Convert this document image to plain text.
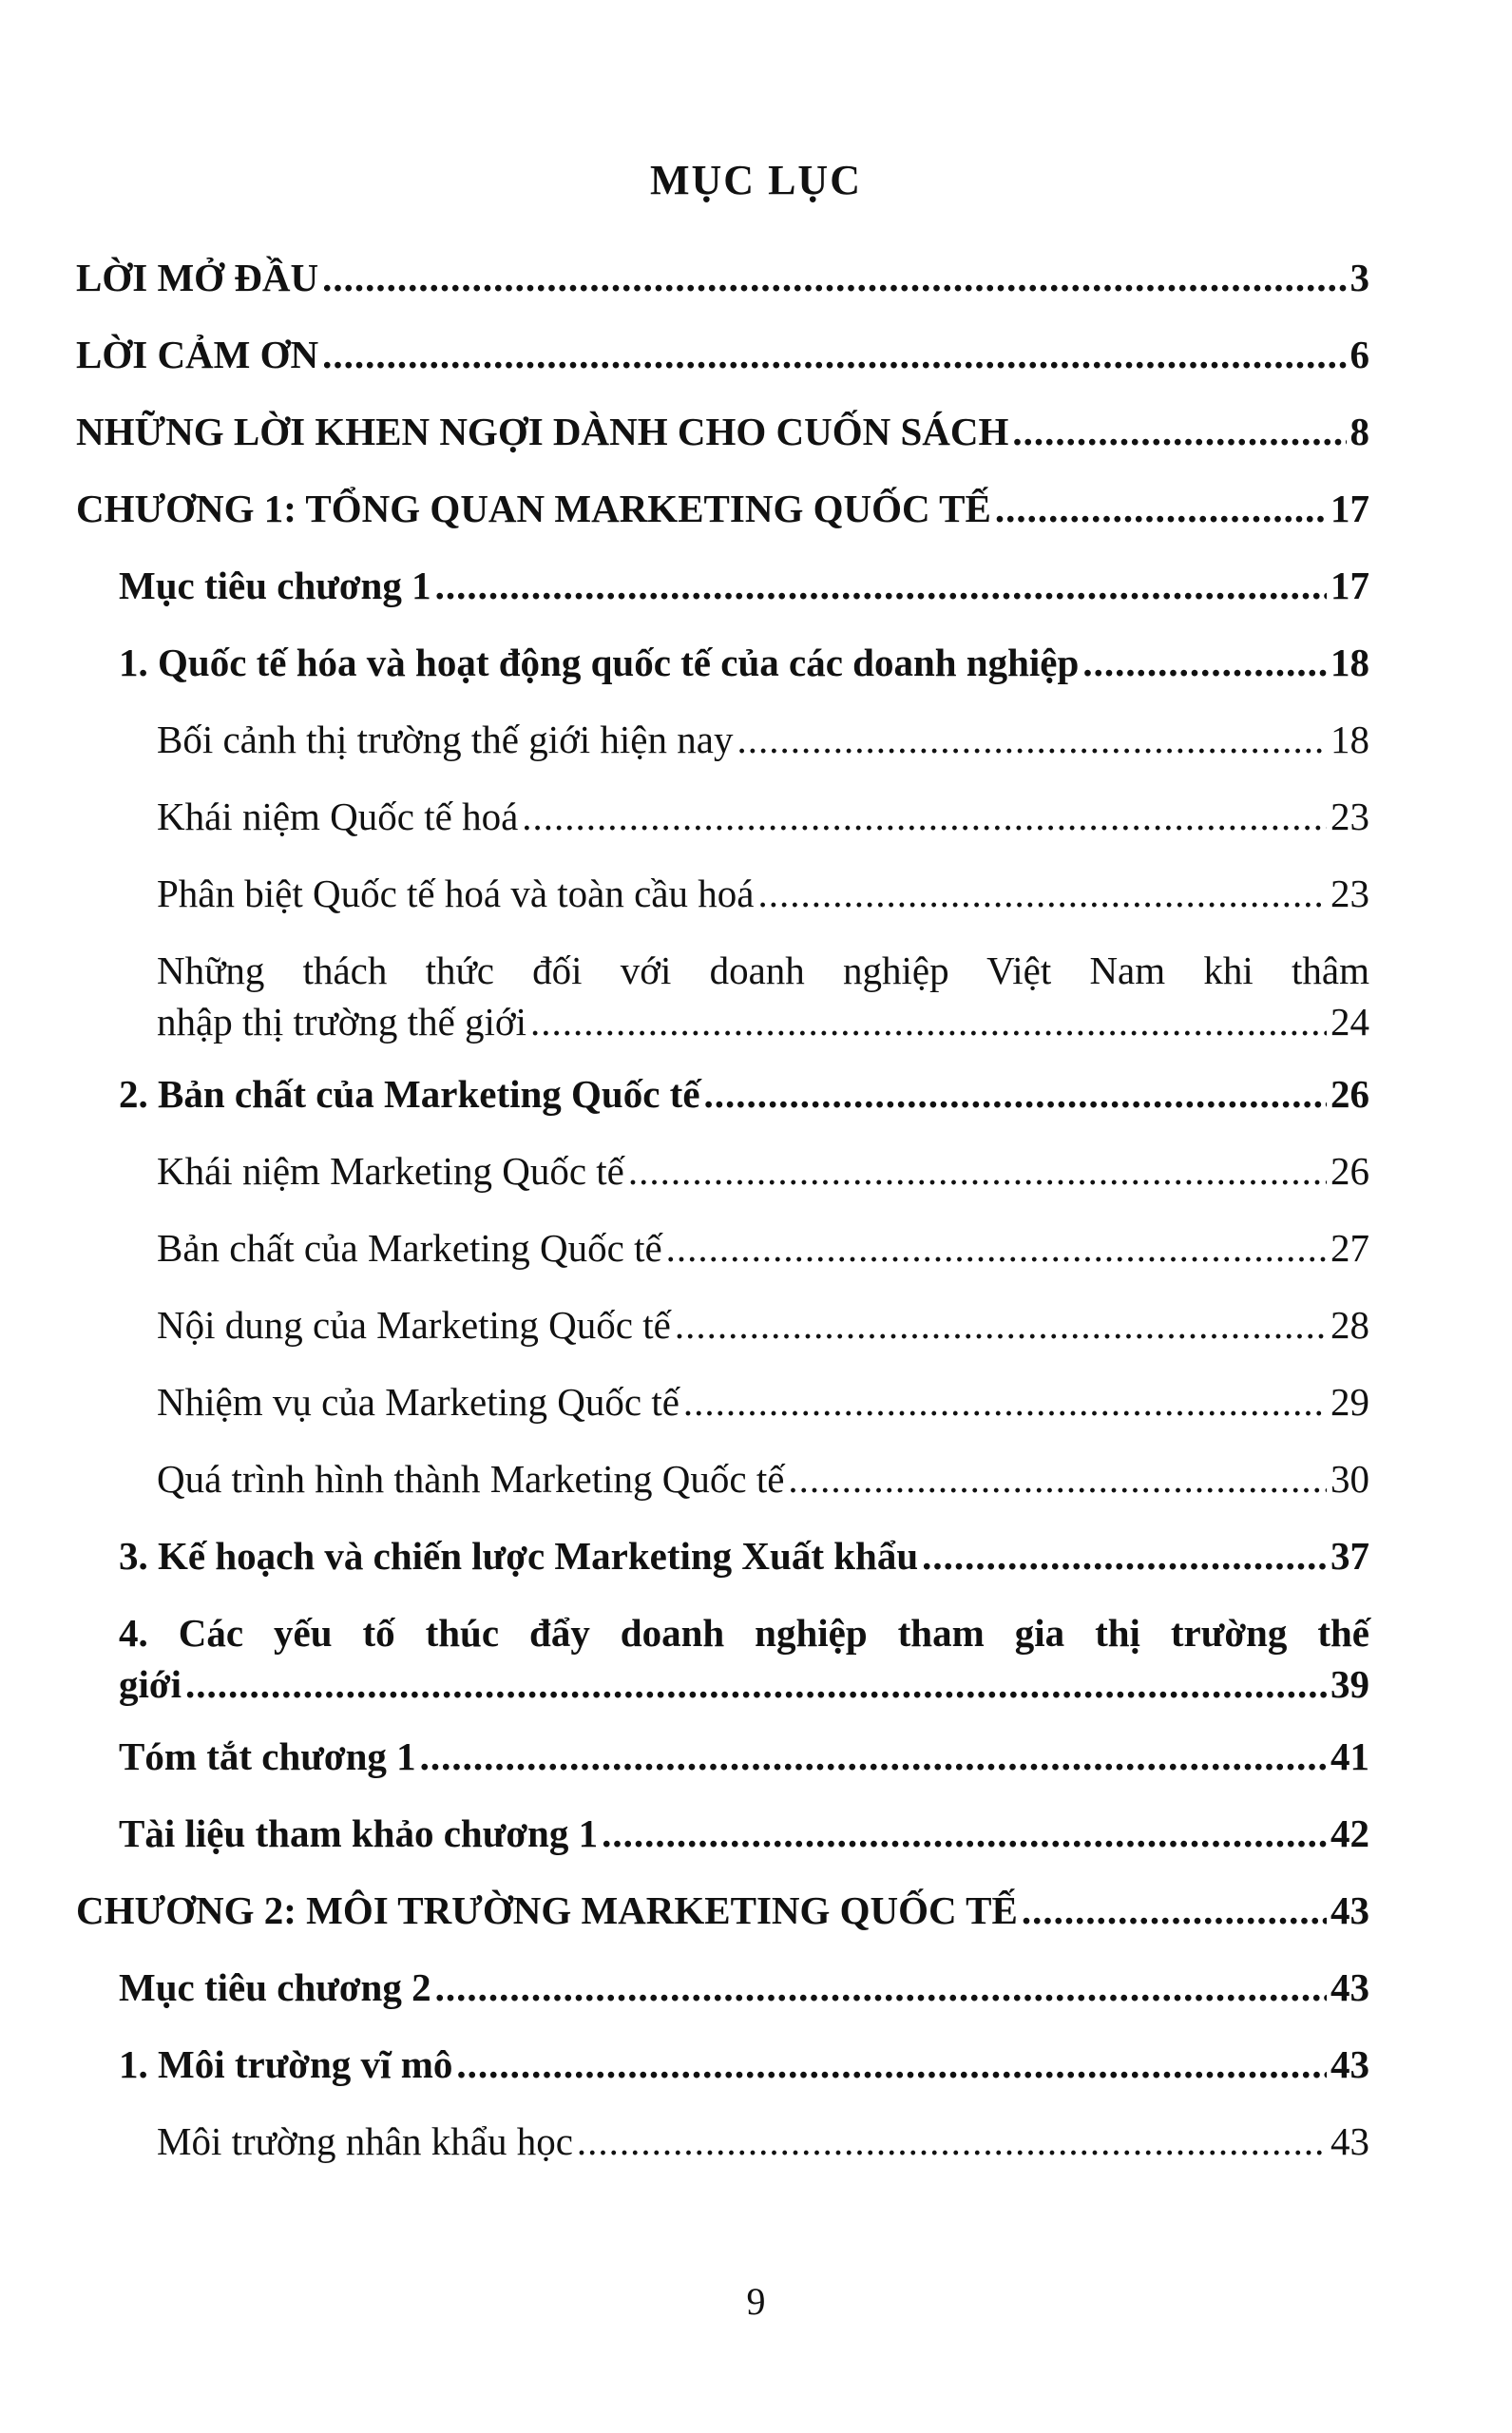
MỤC LỤC
LỜI MỞ ĐẦU .....	3
LỜI CẢM ƠN .....	6
NHỮNG LỜI KHEN NGỢI DÀNH CHO CUỐN SÁCH .....	8
CHƯƠNG 1: TỔNG QUAN MARKETING QUỐC TẾ .....	17
Mục tiêu chương 1 .....	17
1. Quốc tế hóa và hoạt động quốc tế của các doanh nghiệp .....	18
Bối cảnh thị trường thế giới hiện nay .....	18
Khái niệm Quốc tế hoá .....	23
Phân biệt Quốc tế hoá và toàn cầu hoá .....	23
Những thách thức đối với doanh nghiệp Việt Nam khi thâm
nhập thị trường thế giới .....	24
2. Bản chất của Marketing Quốc tế .....	26
Khái niệm Marketing Quốc tế .....	26
Bản chất của Marketing Quốc tế .....	27
Nội dung của Marketing Quốc tế .....	28
Nhiệm vụ của Marketing Quốc tế .....	29
Quá trình hình thành Marketing Quốc tế .....	30
3. Kế hoạch và chiến lược Marketing Xuất khẩu .....	37
4. Các yếu tố thúc đẩy doanh nghiệp tham gia thị trường thế
giới .....	39
Tóm tắt chương 1 .....	41
Tài liệu tham khảo chương 1 .....	42
CHƯƠNG 2: MÔI TRƯỜNG MARKETING QUỐC TẾ .....	43
Mục tiêu chương 2 .....	43
1. Môi trường vĩ mô .....	43
Môi trường nhân khẩu học .....	43
9
